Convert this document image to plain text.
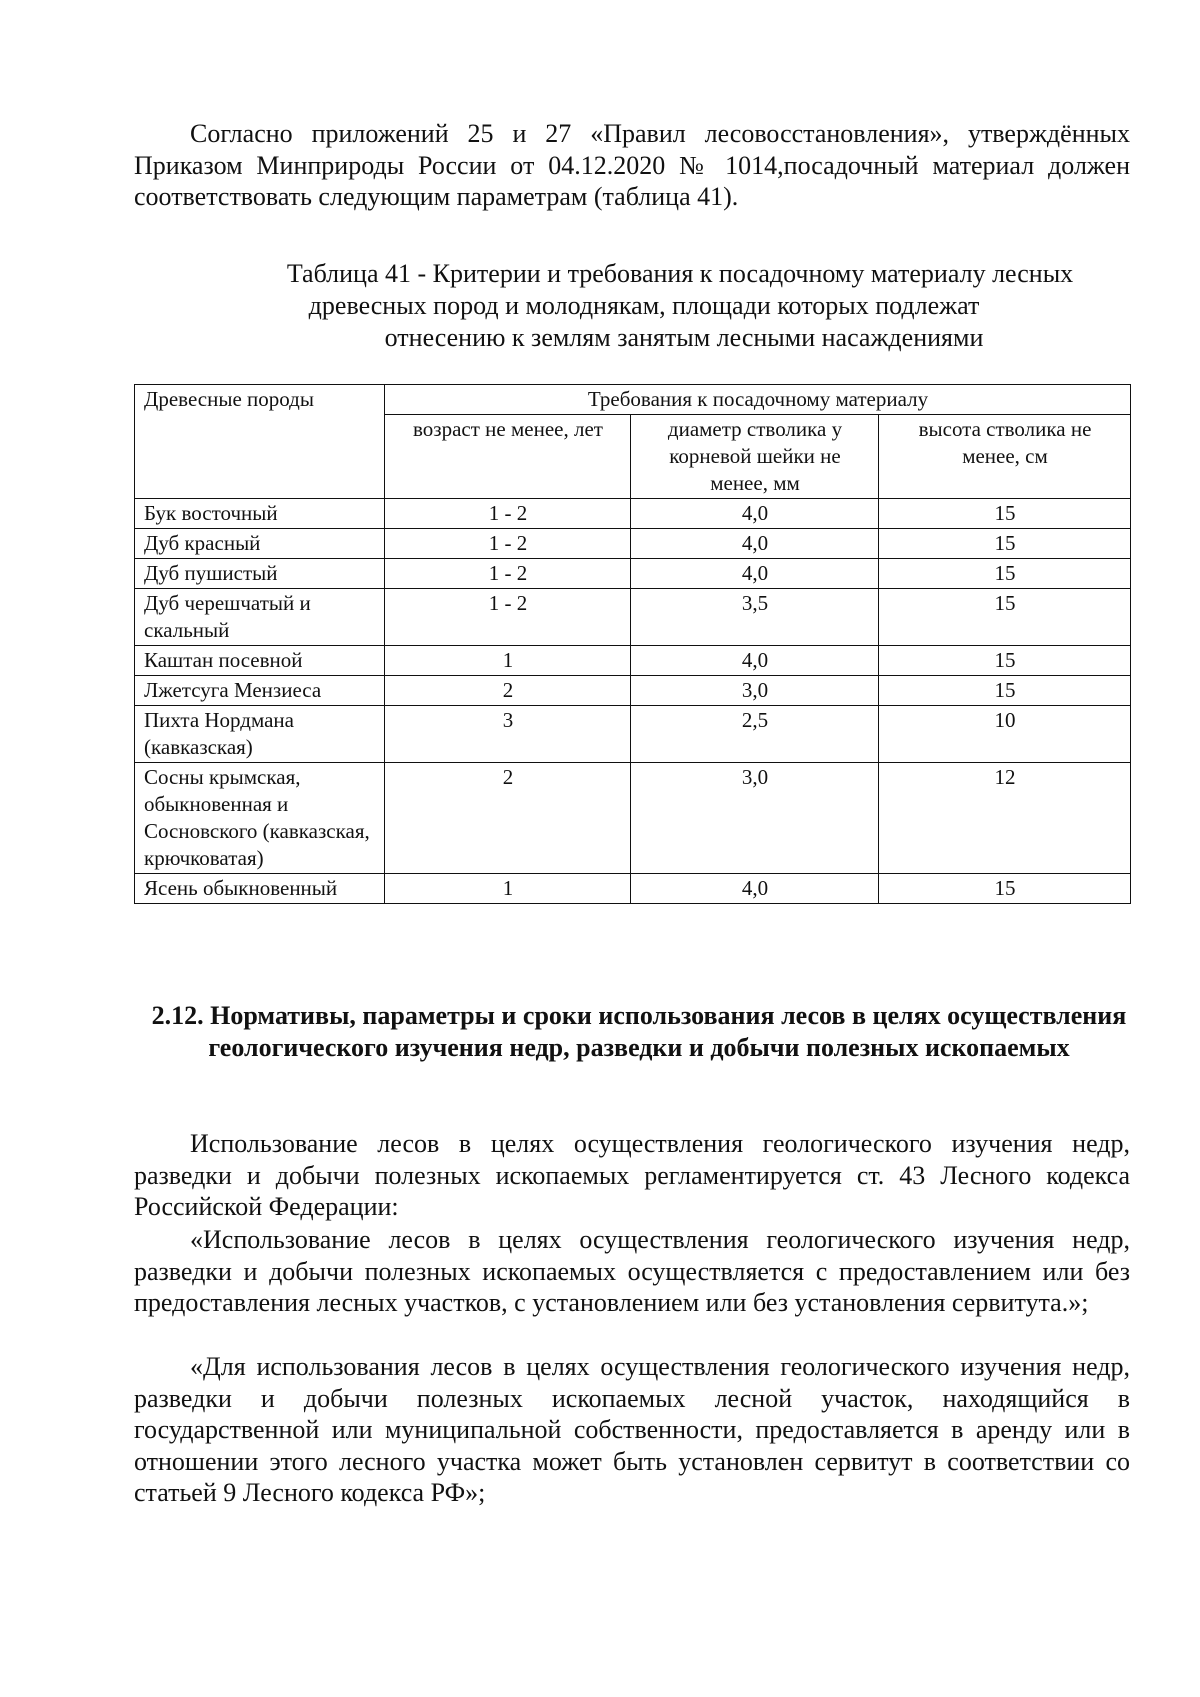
Согласно приложений 25 и 27 «Правил лесовосстановления», утверждённых Приказом Минприроды России от 04.12.2020 № 1014,посадочный материал должен соответствовать следующим параметрам (таблица 41).

Таблица 41 - Критерии и требования к посадочному материалу лесных
древесных пород и молоднякам, площади которых подлежат
отнесению к землям занятым лесными насаждениями
Древесные породы	Требования к посадочному материалу		
	возраст не менее, лет	диаметр стволика у корневой шейки не менее, мм	высота стволика не менее, см
Бук восточный	1 - 2	4,0	15
Дуб красный	1 - 2	4,0	15
Дуб пушистый	1 - 2	4,0	15
Дуб черешчатый и скальный	1 - 2	3,5	15
Каштан посевной	1	4,0	15
Лжетсуга Мензиеса	2	3,0	15
Пихта Нордмана (кавказская)	3	2,5	10
Сосны крымская, обыкновенная и Сосновского (кавказская, крючковатая)	2	3,0	12
Ясень обыкновенный	1	4,0	15
2.12. Нормативы, параметры и сроки использования лесов в целях осуществления геологического изучения недр, разведки и добычи полезных ископаемых

Использование лесов в целях осуществления геологического изучения недр, разведки и добычи полезных ископаемых регламентируется ст. 43 Лесного кодекса Российской Федерации:

«Использование лесов в целях осуществления геологического изучения недр, разведки и добычи полезных ископаемых осуществляется с предоставлением или без предоставления лесных участков, с установлением или без установления сервитута.»;

«Для использования лесов в целях осуществления геологического изучения недр, разведки и добычи полезных ископаемых лесной участок, находящийся в государственной или муниципальной собственности, предоставляется в аренду или в отношении этого лесного участка может быть установлен сервитут в соответствии со статьей 9 Лесного кодекса РФ»;
